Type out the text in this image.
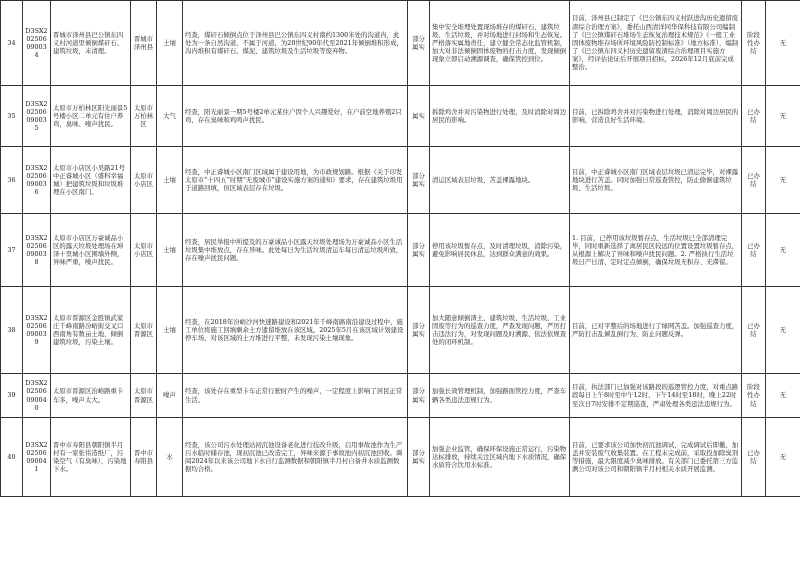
34	D3SX20250609003 4	晋城市泽州县巴公镇东四义村河道里倾倒煤矸石、建筑垃圾，未清理。	晋城市泽州县	土壤	经查，煤矸石倾倒点位于泽州县巴公镇东四义村南约1300米处的沟道内，此处为一条自然沟道，不属于河道，为20世纪90年代至2021年倾倒堆积形成，沟内堆积有煤矸石、煤泥、建筑垃圾及生活垃圾等废弃物。	部分属实	集中安全堆埋处置现场堆存的煤矸石、建筑垃圾、生活垃圾，并对场地进行封场和生态恢复。严格落实属地责任，建立健全常态化监管机制，加大对非法倾倒固体废物的打击力度，发现倾倒现象立即启动溯源调查，确保管控到位。	目前，泽州县已制定了《巴公镇东四义村跃进沟历史遗留废渣综合治理方案》，委托山西清洋同华保科技有限公司编制了《巴公镇煤矸石堆场生态恢复治理技术规范》《一般工业固体废物堆存场所环境风险防控制标准》（地方标准），编制了《巴公镇东四义村历史遗留废渣综合治理项目实施方案》，经评估论证后开展项目招标，2026年12月底前完成整治。	阶段性办结	无
35	D3SX20250609003 5	太原市万柏林区阳光丽景5号楼小区二单元有住户养鸡，臭味、噪声扰民。	太原市万柏林区	大气	经查，阳光丽景一期5号楼2单元某住户因个人兴趣爱好，在户前空地养殖2只鸡，存在臭味和鸡鸣声扰民。	属实	拆除鸡舍并对污染物进行处理，及时消除对周边居民的影响。	目前，已拆除鸡舍并对污染物进行处理，消除对周边居民的影响，营造良好生活环境。	已办结	无
36	D3SX20250609003 6	太原市小店区小吴路21号中正睿城小区（盛科幸福城）把建筑垃圾和垃圾堆埋在小区南门。	太原市小店区	土壤	经查，中正睿城小区南门区域属于建设用地，为市政规划路。根据《关于印发太原市“十四五”时期“无废城市”建设实施方案的通知》要求，存在建筑垃圾用于道路回填，但区域表层存在垃圾。	部分属实	清运区域表层垃圾，苫盖裸露地块。	目前，中正睿城小区南门区域表层垃圾已清运完毕，对裸露地块进行苫盖。同时加强日常巡查管控，防止偷倒建筑垃圾、生活垃圾。	已办结	无
37	D3SX20250609003 8	太原市小店区万豪诚品小区的露天垃圾处理场在坤泽十里城小区围墙外侧，异味严重，噪声扰民。	太原市小店区	土壤	经查，居民举报中所提及的万豪诚品小区露天垃圾处理场为万豪诚品小区生活垃圾集中堆放点，存在异味。此处每日为生活垃圾清运车每日清运垃圾所致，存在噪声扰民问题。	部分属实	停用该垃圾暂存点，及时清理垃圾，消除污染，避免影响居民休息，达到群众满意的效果。	1. 目前，已停用该垃圾暂存点，生活垃圾已全部清理完毕，同时重新选择了离居民区较远的位置设置垃圾暂存点，从根源上解决了异味和噪声扰民问题。2. 严格执行生活垃圾日产日清、定时定点倾倒，确保垃圾无积存、无滞留。	已办结	无
38	D3SX20250609003 9	太原市晋源区金胜镇武家庄千峰南路汾峪街交叉口西南角有数亩土地，倾倒建筑垃圾，污染土壤。	太原市晋源区	土壤	经查，在2018年汾峪沙河快速路建设和2021年千峰南路南沿建设过程中，施工单位将施工回填剩余土方遗留堆放在该区域。2025年5月在该区域计划建设停车场，对该区域的土方堆进行平整，未发现污染土壤现象。	部分属实	加大随意倾倒渣土、建筑垃圾、生活垃圾、工业固废等行为的巡查力度，严查发现问题，严厉打击违法行为，对发现问题及时溯源、依法依规查处的闭环机制。	目前，已对平整后的场地进行了绿网苫盖。加强巡查力度，严防打击乱倾乱倒行为，防止问题反弹。	已办结	无
39	D3SX20250609004 0	太原市晋源区治峪路重卡车多，噪声太大。	太原市晋源区	噪声	经查，该处存在重型卡车正常行驶时产生的噪声，一定程度上影响了居民正常生活。	部分属实	加强长效管理机制，加强路面管控力度，严查车辆各类违法违规行为。	目前，执法部门已加强对该路段的巡逻管控力度，对重点路段每日上午8时至中午12时、下午14时至18时，晚上22时至次日7时安排不定期巡查，严肃处理各类违法违规行为。	阶段性办结	无
40	D3SX20250609004 1	晋中市寿阳县朝阳镇半月村有一家张伟造纸厂，污染空气（有臭味），污染地下水。	晋中市寿阳县	水	经查，该公司污水处理站初沉池设备老化进行技改升级，启用事故池作为生产污水临时储存池，现初沉池已改造完工，异味来源于事故池内初沉池回收。调阅2024年以来该公司地下水自行监测数据和朝阳镇半月村自备井水质监测数据均合格。	部分属实	加强企业监管，确保环保设施正常运行，污染物达标排放，持续关注区域内地下水质情况，确保水质符合饮用水标准。	目前，已要求该公司加快初沉池调试，完成调试后即撤、加盖并安装废气收集装置。在工程未完成前，采取投加除臭剂等措施，最大限度减少臭味排放。有关部门已委托第三方监测公司对该公司和朝阳镇半月村相关水质开展监测。	已办结	无
